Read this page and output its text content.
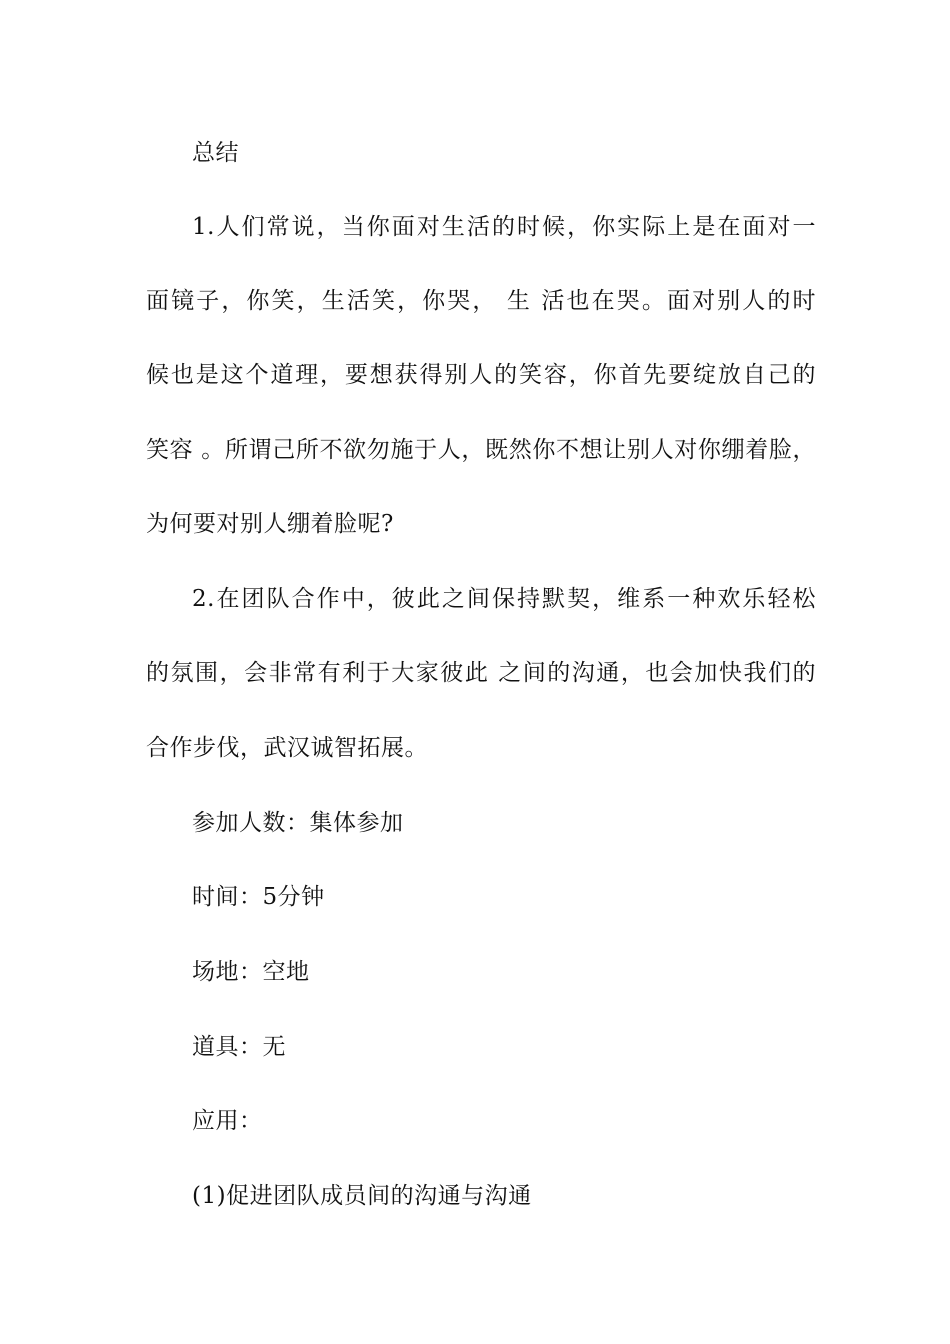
总结
1.人们常说，当你面对生活的时候，你实际上是在面对一
面镜子，你笑，生活笑，你哭， 生 活也在哭。面对别人的时
候也是这个道理，要想获得别人的笑容，你首先要绽放自己的
笑容 。所谓己所不欲勿施于人，既然你不想让别人对你绷着脸，
为何要对别人绷着脸呢?
2.在团队合作中，彼此之间保持默契，维系一种欢乐轻松
的氛围，会非常有利于大家彼此 之间的沟通，也会加快我们的
合作步伐，武汉诚智拓展。
参加人数：集体参加
时间：5分钟
场地：空地
道具：无
应用：
(1)促进团队成员间的沟通与沟通
